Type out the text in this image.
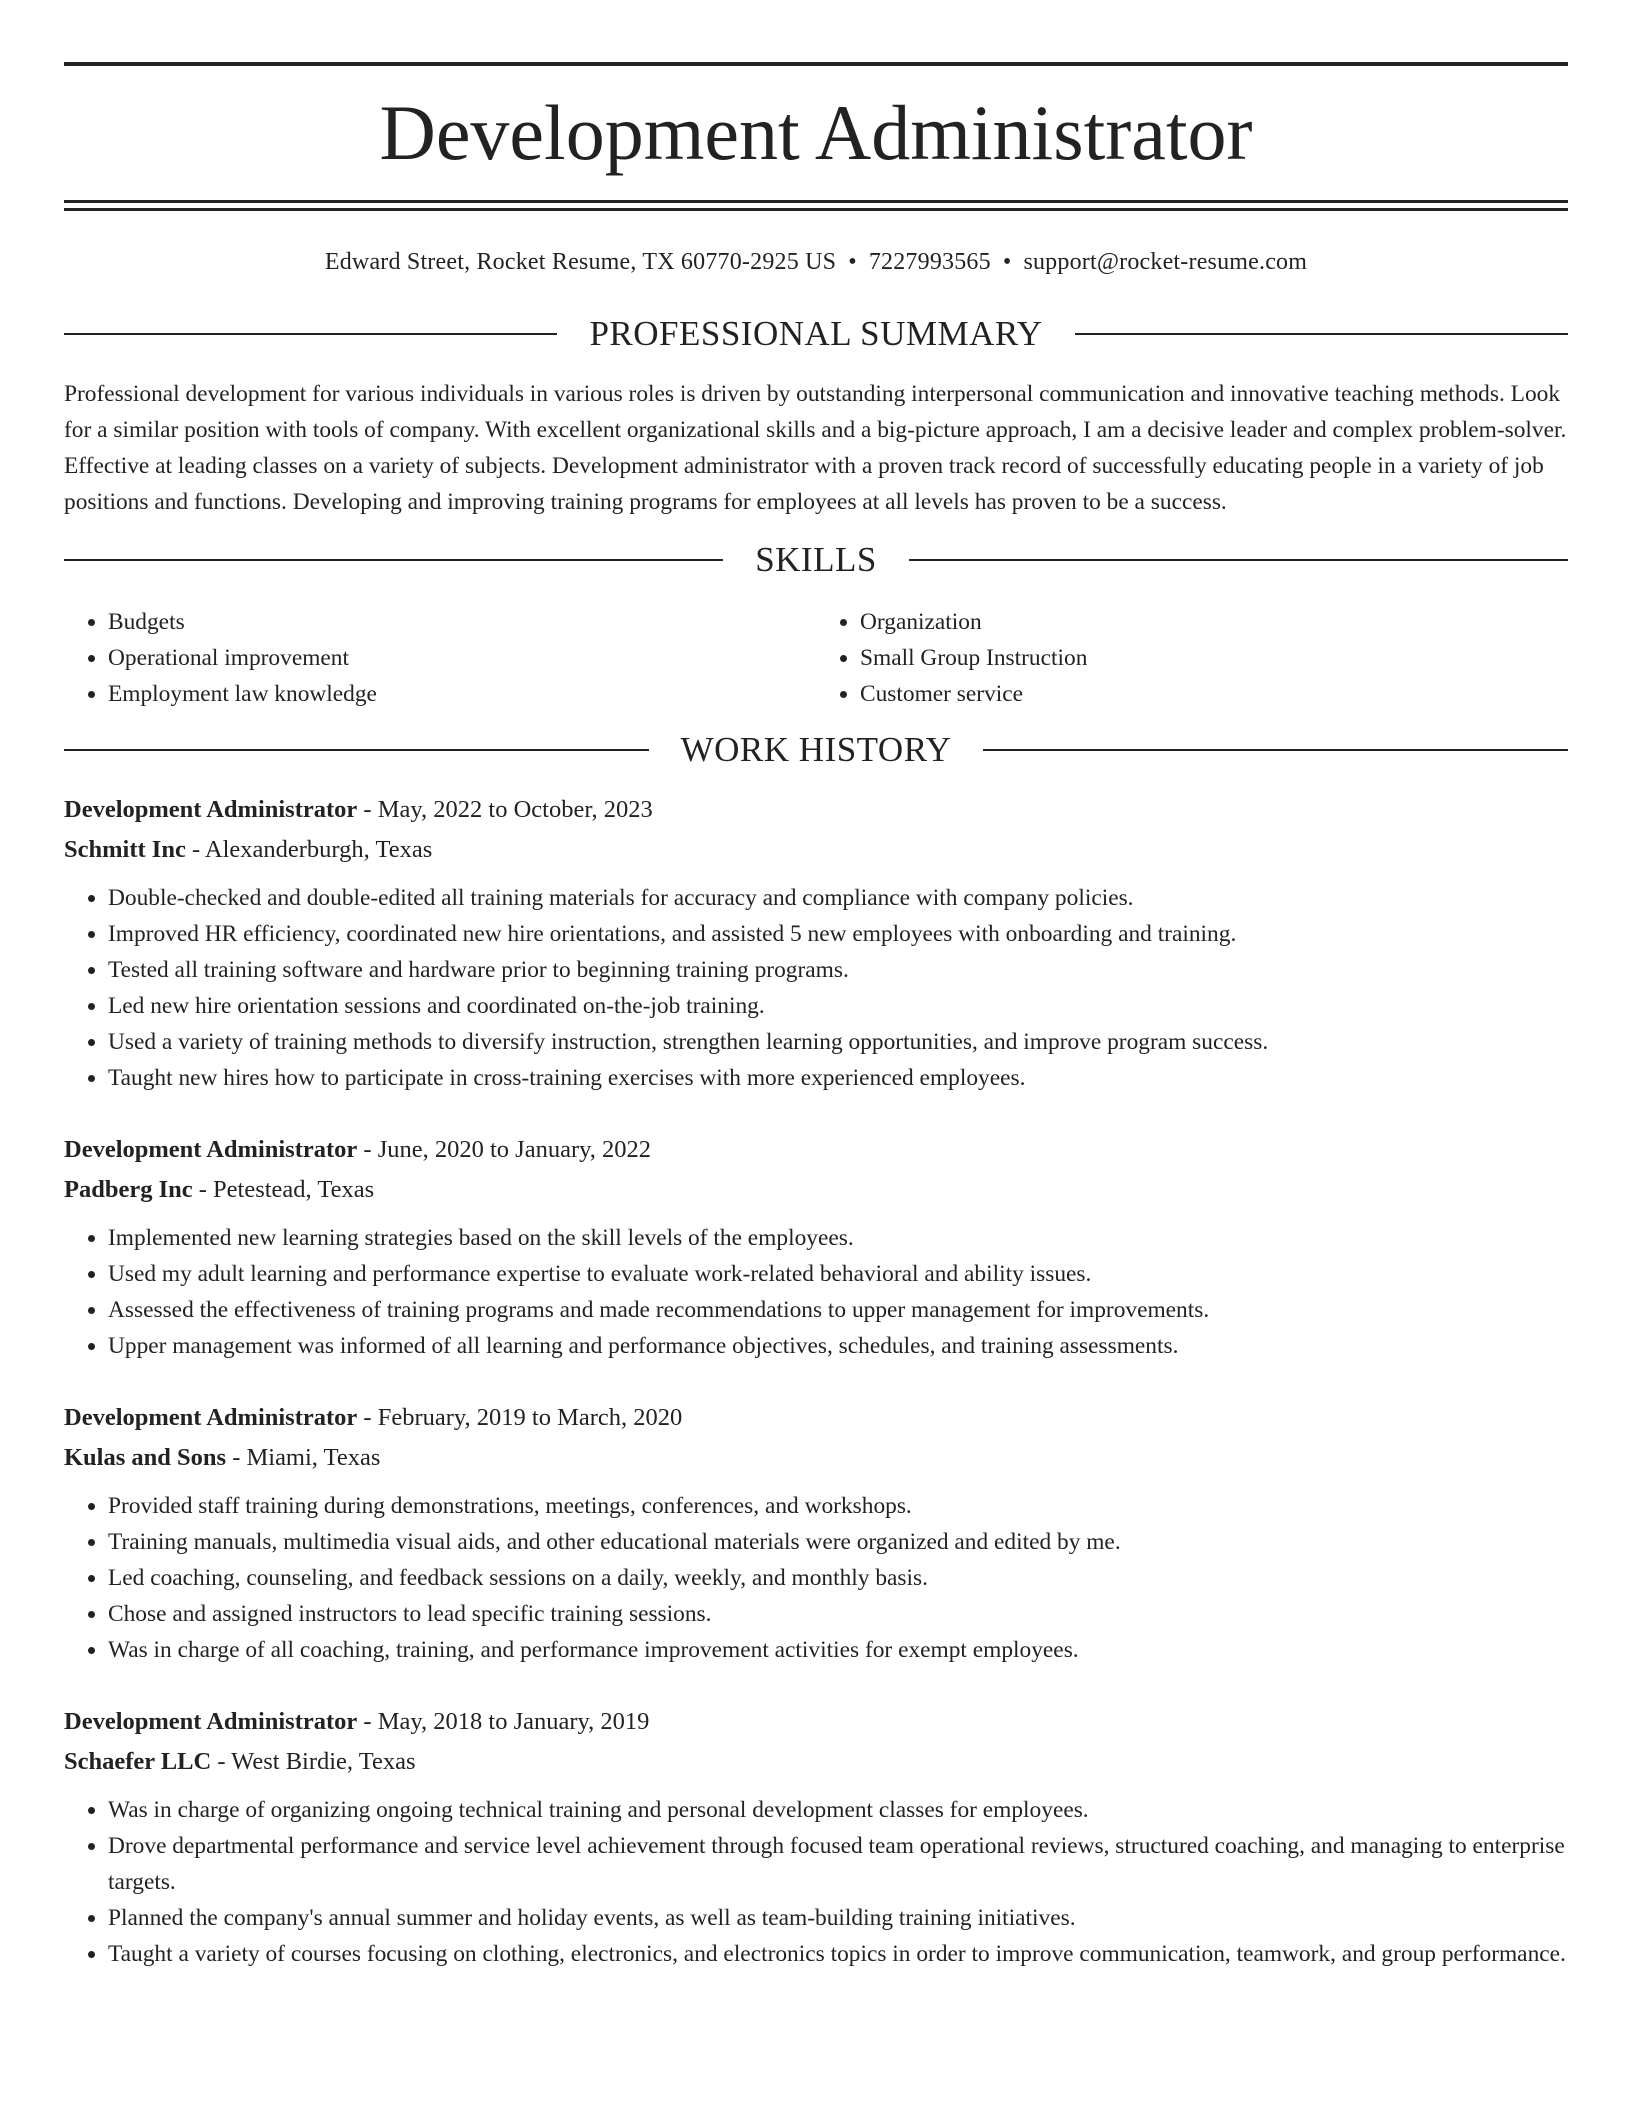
Development Administrator
Edward Street, Rocket Resume, TX 60770-2925 US • 7227993565 • support@rocket-resume.com
PROFESSIONAL SUMMARY
Professional development for various individuals in various roles is driven by outstanding interpersonal communication and innovative teaching methods. Look for a similar position with tools of company. With excellent organizational skills and a big-picture approach, I am a decisive leader and complex problem-solver. Effective at leading classes on a variety of subjects. Development administrator with a proven track record of successfully educating people in a variety of job positions and functions. Developing and improving training programs for employees at all levels has proven to be a success.
SKILLS
• Budgets
• Operational improvement
• Employment law knowledge
• Organization
• Small Group Instruction
• Customer service
WORK HISTORY
Development Administrator - May, 2022 to October, 2023
Schmitt Inc - Alexanderburgh, Texas
• Double-checked and double-edited all training materials for accuracy and compliance with company policies.
• Improved HR efficiency, coordinated new hire orientations, and assisted 5 new employees with onboarding and training.
• Tested all training software and hardware prior to beginning training programs.
• Led new hire orientation sessions and coordinated on-the-job training.
• Used a variety of training methods to diversify instruction, strengthen learning opportunities, and improve program success.
• Taught new hires how to participate in cross-training exercises with more experienced employees.
Development Administrator - June, 2020 to January, 2022
Padberg Inc - Petestead, Texas
• Implemented new learning strategies based on the skill levels of the employees.
• Used my adult learning and performance expertise to evaluate work-related behavioral and ability issues.
• Assessed the effectiveness of training programs and made recommendations to upper management for improvements.
• Upper management was informed of all learning and performance objectives, schedules, and training assessments.
Development Administrator - February, 2019 to March, 2020
Kulas and Sons - Miami, Texas
• Provided staff training during demonstrations, meetings, conferences, and workshops.
• Training manuals, multimedia visual aids, and other educational materials were organized and edited by me.
• Led coaching, counseling, and feedback sessions on a daily, weekly, and monthly basis.
• Chose and assigned instructors to lead specific training sessions.
• Was in charge of all coaching, training, and performance improvement activities for exempt employees.
Development Administrator - May, 2018 to January, 2019
Schaefer LLC - West Birdie, Texas
• Was in charge of organizing ongoing technical training and personal development classes for employees.
• Drove departmental performance and service level achievement through focused team operational reviews, structured coaching, and managing to enterprise targets.
• Planned the company's annual summer and holiday events, as well as team-building training initiatives.
• Taught a variety of courses focusing on clothing, electronics, and electronics topics in order to improve communication, teamwork, and group performance.
